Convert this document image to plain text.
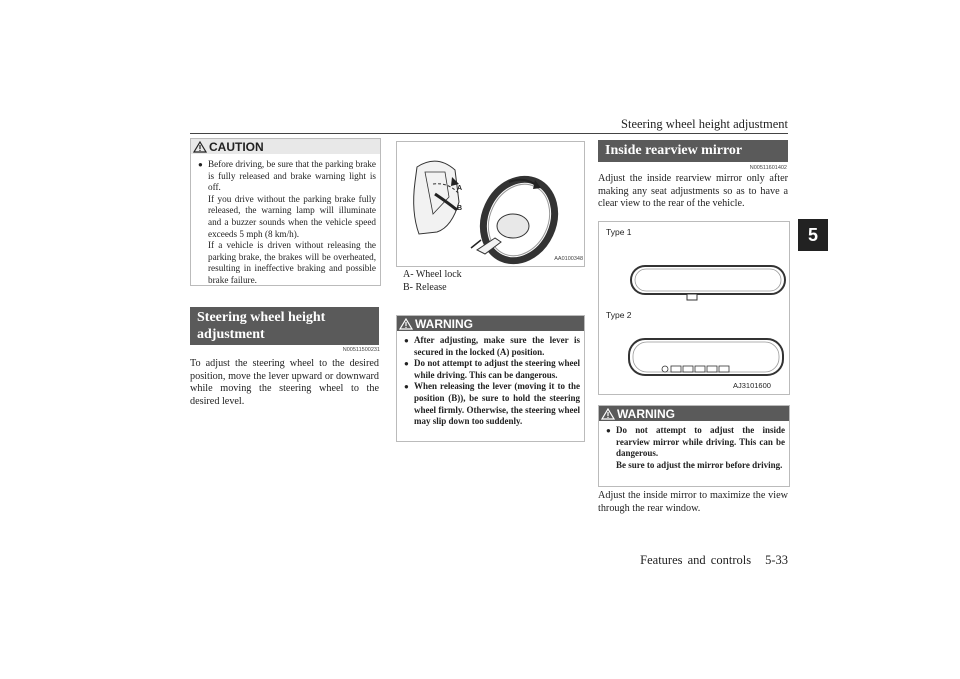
Steering wheel height adjustment
5
CAUTION
● Before driving, be sure that the parking brake is fully released and brake warning light is off.
If you drive without the parking brake fully released, the warning lamp will illuminate and a buzzer sounds when the vehicle speed exceeds 5 mph (8 km/h).
If a vehicle is driven without releasing the parking brake, the brakes will be overheated, resulting in ineffective braking and possible brake failure.
Steering wheel height adjustment
N00511500231
To adjust the steering wheel to the desired position, move the lever upward or downward while moving the steering wheel to the desired level.
A
B
AA0100348
A- Wheel lock
B- Release
WARNING
● After adjusting, make sure the lever is secured in the locked (A) position.
● Do not attempt to adjust the steering wheel while driving. This can be dangerous.
● When releasing the lever (moving it to the position (B)), be sure to hold the steering wheel firmly. Otherwise, the steering wheel may slip down too suddenly.
Inside rearview mirror
N00511601402
Adjust the inside rearview mirror only after making any seat adjustments so as to have a clear view to the rear of the vehicle.
Type 1
Type 2
AJ3101600
WARNING
● Do not attempt to adjust the inside rearview mirror while driving. This can be dangerous.
Be sure to adjust the mirror before driving.
Adjust the inside mirror to maximize the view through the rear window.
Features and controls 5-33
